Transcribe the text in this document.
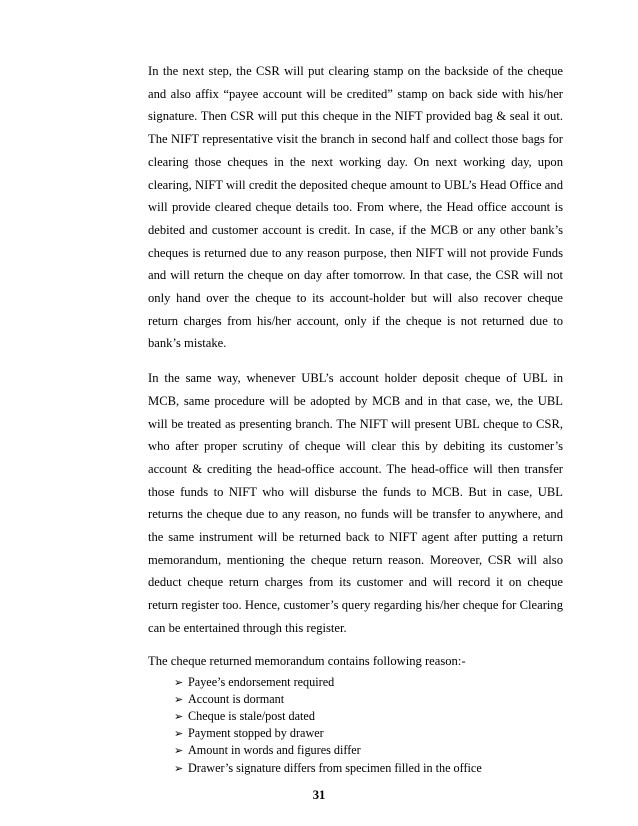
In the next step, the CSR will put clearing stamp on the backside of the cheque and also affix “payee account will be credited” stamp on back side with his/her signature. Then CSR will put this cheque in the NIFT provided bag & seal it out. The NIFT representative visit the branch in second half and collect those bags for clearing those cheques in the next working day. On next working day, upon clearing, NIFT will credit the deposited cheque amount to UBL’s Head Office and will provide cleared cheque details too. From where, the Head office account is debited and customer account is credit. In case, if the MCB or any other bank’s cheques is returned due to any reason purpose, then NIFT will not provide Funds and will return the cheque on day after tomorrow. In that case, the CSR will not only hand over the cheque to its account-holder but will also recover cheque return charges from his/her account, only if the cheque is not returned due to bank’s mistake.

In the same way, whenever UBL’s account holder deposit cheque of UBL in MCB, same procedure will be adopted by MCB and in that case, we, the UBL will be treated as presenting branch. The NIFT will present UBL cheque to CSR, who after proper scrutiny of cheque will clear this by debiting its customer’s account & crediting the head-office account. The head-office will then transfer those funds to NIFT who will disburse the funds to MCB. But in case, UBL returns the cheque due to any reason, no funds will be transfer to anywhere, and the same instrument will be returned back to NIFT agent after putting a return memorandum, mentioning the cheque return reason. Moreover, CSR will also deduct cheque return charges from its customer and will record it on cheque return register too. Hence, customer’s query regarding his/her cheque for Clearing can be entertained through this register.

The cheque returned memorandum contains following reason:-

➢ Payee’s endorsement required
➢ Account is dormant
➢ Cheque is stale/post dated
➢ Payment stopped by drawer
➢ Amount in words and figures differ
➢ Drawer’s signature differs from specimen filled in the office
31
